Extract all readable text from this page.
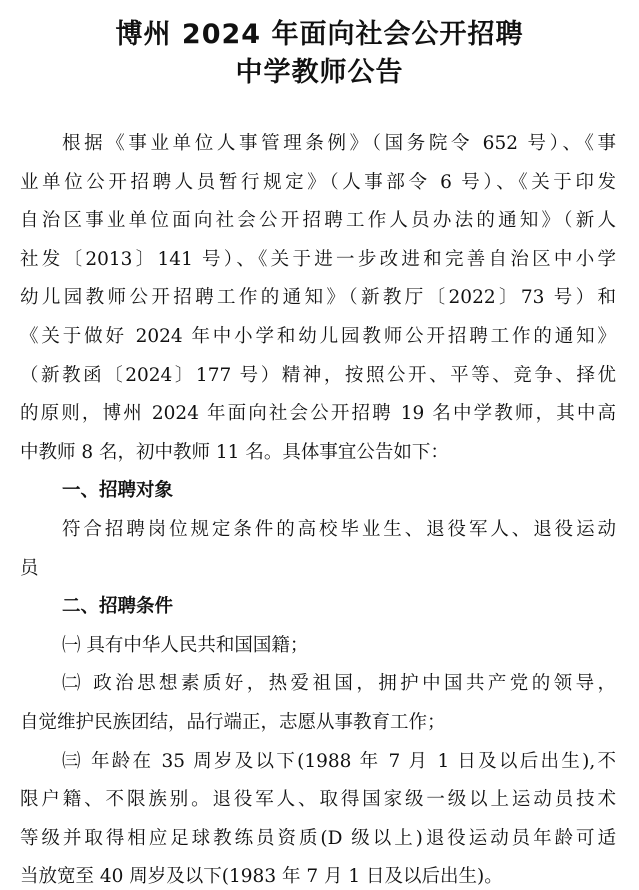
博州 2024 年面向社会公开招聘
中学教师公告
根据《事业单位人事管理条例》（国务院令 652 号）、《事
业单位公开招聘人员暂行规定》（人事部令 6 号）、《关于印发
自治区事业单位面向社会公开招聘工作人员办法的通知》（新人
社发〔2013〕141 号）、《关于进一步改进和完善自治区中小学
幼儿园教师公开招聘工作的通知》（新教厅〔2022〕73 号）和
《关于做好 2024 年中小学和幼儿园教师公开招聘工作的通知》
（新教函〔2024〕177 号）精神，按照公开、平等、竞争、择优
的原则，博州 2024 年面向社会公开招聘 19 名中学教师，其中高
中教师 8 名，初中教师 11 名。具体事宜公告如下：
一、招聘对象
符合招聘岗位规定条件的高校毕业生、退役军人、退役运动
员
二、招聘条件
㈠ 具有中华人民共和国国籍；
㈡ 政治思想素质好，热爱祖国，拥护中国共产党的领导，
自觉维护民族团结，品行端正，志愿从事教育工作；
㈢ 年龄在 35 周岁及以下(1988 年 7 月 1 日及以后出生),不
限户籍、不限族别。退役军人、取得国家级一级以上运动员技术
等级并取得相应足球教练员资质(D 级以上)退役运动员年龄可适
当放宽至 40 周岁及以下(1983 年 7 月 1 日及以后出生)。
